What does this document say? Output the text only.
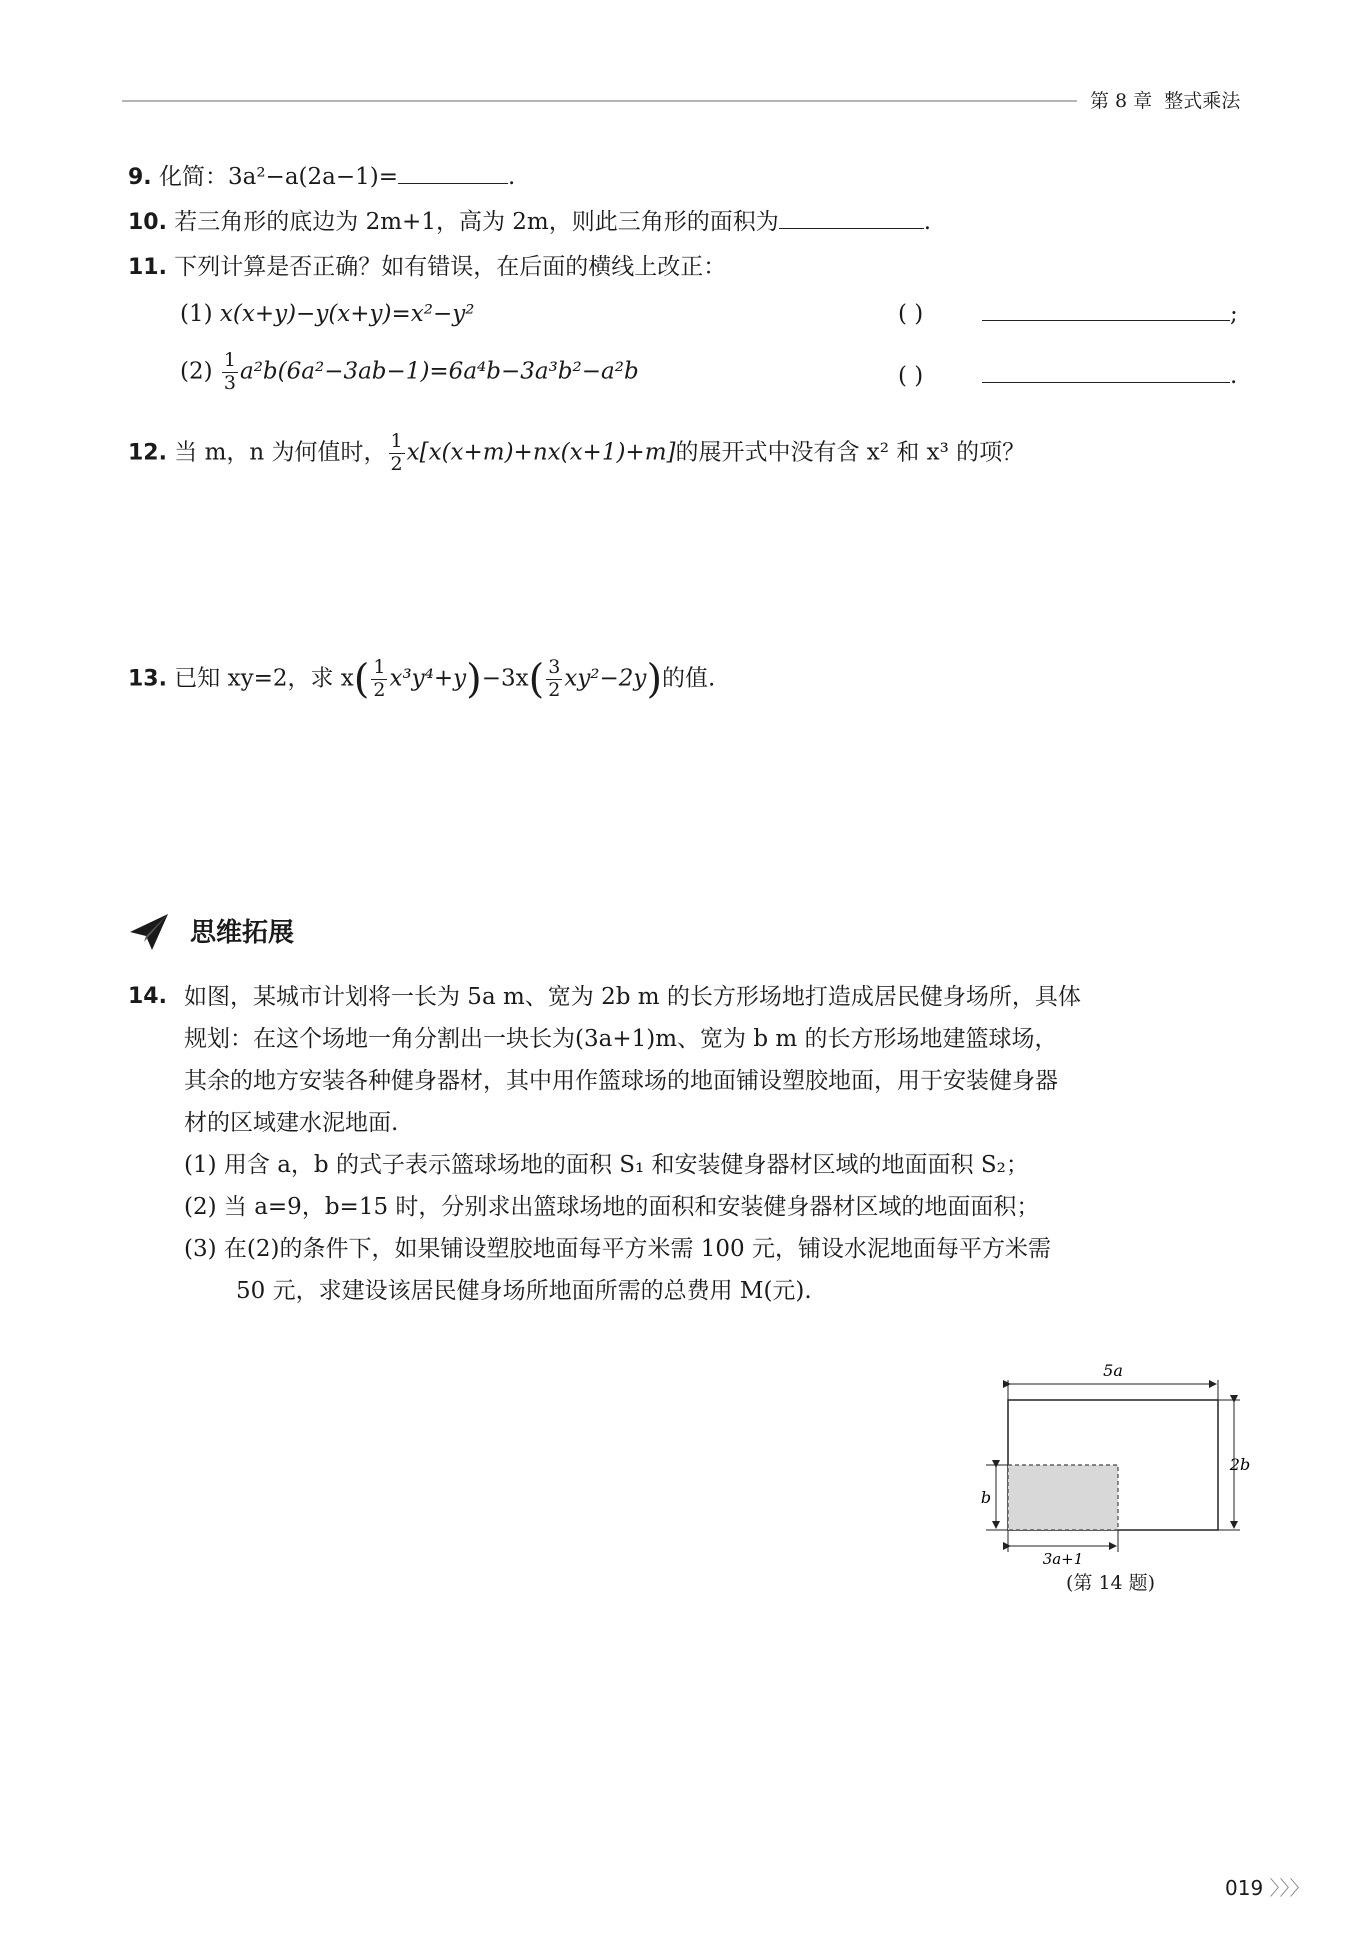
第 8 章 整式乘法
9. 化简：3a²−a(2a−1)=	.
10. 若三角形的底边为 2m+1，高为 2m，则此三角形的面积为	.
11. 下列计算是否正确？如有错误，在后面的横线上改正：
(1) x(x+y)−y(x+y)=x²−y²	( )	;
$(2) \frac{1}{3} a^2b(6a^2-3ab-1)=6a^4b-3a^3b^2-a^2b$	( )	.
12. 当 m，n 为何值时， $\frac{1}{2} x[x(x+m)+nx(x+1)+m]$的展开式中没有含 x² 和 x³ 的项？
13. 已知 xy=2，求 $x( \frac{1}{2} x^3y^4+y)-3x( \frac{3}{2} xy^2-2y)$的值.
思维拓展
14. 如图，某城市计划将一长为 5a m、宽为 2b m 的长方形场地打造成居民健身场所，具体
规划：在这个场地一角分割出一块长为(3a+1)m、宽为 b m 的长方形场地建篮球场，
其余的地方安装各种健身器材，其中用作篮球场的地面铺设塑胶地面，用于安装健身器
材的区域建水泥地面.
(1) 用含 a，b 的式子表示篮球场地的面积 S₁ 和安装健身器材区域的地面面积 S₂；
(2) 当 a=9，b=15 时，分别求出篮球场地的面积和安装健身器材区域的地面面积；
(3) 在(2)的条件下，如果铺设塑胶地面每平方米需 100 元，铺设水泥地面每平方米需
50 元，求建设该居民健身场所地面所需的总费用 M(元).
5a
2b
b
3a+1
(第 14 题)
019 〉〉〉
